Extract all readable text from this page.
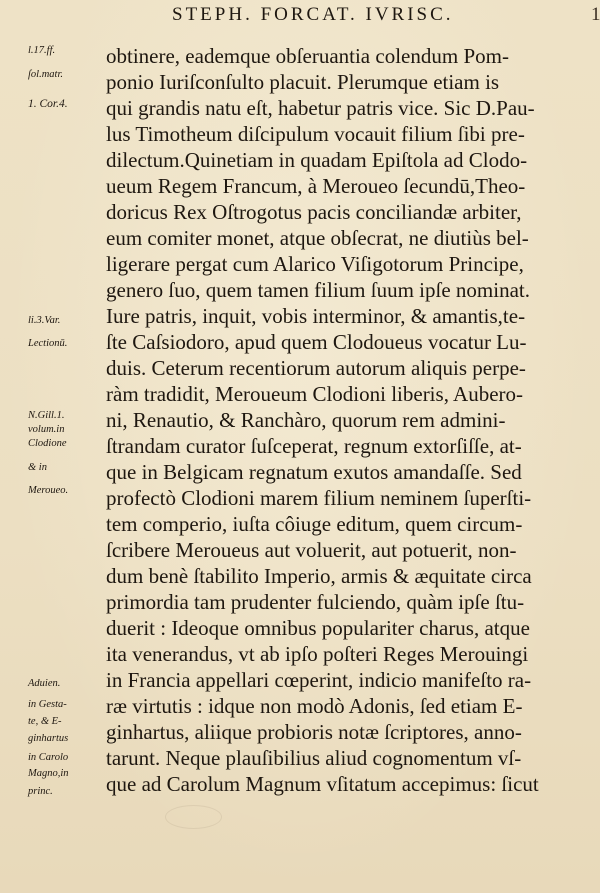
STEPH. FORCAT. IVRISC.	1
l.17.ff.
ſol.matr.
1. Cor.4.
li.3.Var.
Lectionū.
N.Gill.1.
volum.in
Clodione
& in
Meroueo.
Aduien.
in Gesta-
te, & E-
ginhartus
in Carolo
Magno,in
princ.
obtinere, eademque obſeruantia colendum Pom-
ponio Iuriſconſulto placuit. Plerumque etiam is
qui grandis natu eſt, habetur patris vice. Sic D.Pau-
lus Timotheum diſcipulum vocauit filium ſibi pre-
dilectum.Quinetiam in quadam Epiſtola ad Clodo-
ueum Regem Francum, à Meroueo ſecundū,Theo-
doricus Rex Oſtrogotus pacis conciliandæ arbiter,
eum comiter monet, atque obſecrat, ne diutiùs bel-
ligerare pergat cum Alarico Viſigotorum Principe,
genero ſuo, quem tamen filium ſuum ipſe nominat.
Iure patris, inquit, vobis interminor, & amantis,te-
ſte Caſsiodoro, apud quem Clodoueus vocatur Lu-
duis. Ceterum recentiorum autorum aliquis perpe-
ràm tradidit, Meroueum Clodioni liberis, Aubero-
ni, Renautio, & Ranchàro, quorum rem admini-
ſtrandam curator ſuſceperat, regnum extorſiſſe, at-
que in Belgicam regnatum exutos amandaſſe. Sed
profectò Clodioni marem filium neminem ſuperſti-
tem comperio, iuſta côiuge editum, quem circum-
ſcribere Meroueus aut voluerit, aut potuerit, non-
dum benè ſtabilito Imperio, armis & æquitate circa
primordia tam prudenter fulciendo, quàm ipſe ſtu-
duerit : Ideoque omnibus populariter charus, atque
ita venerandus, vt ab ipſo poſteri Reges Merouingi
in Francia appellari cœperint, indicio manifeſto ra-
ræ virtutis : idque non modò Adonis, ſed etiam E-
ginhartus, aliique probioris notæ ſcriptores, anno-
tarunt. Neque plauſibilius aliud cognomentum vſ-
que ad Carolum Magnum vſitatum accepimus: ſicut
